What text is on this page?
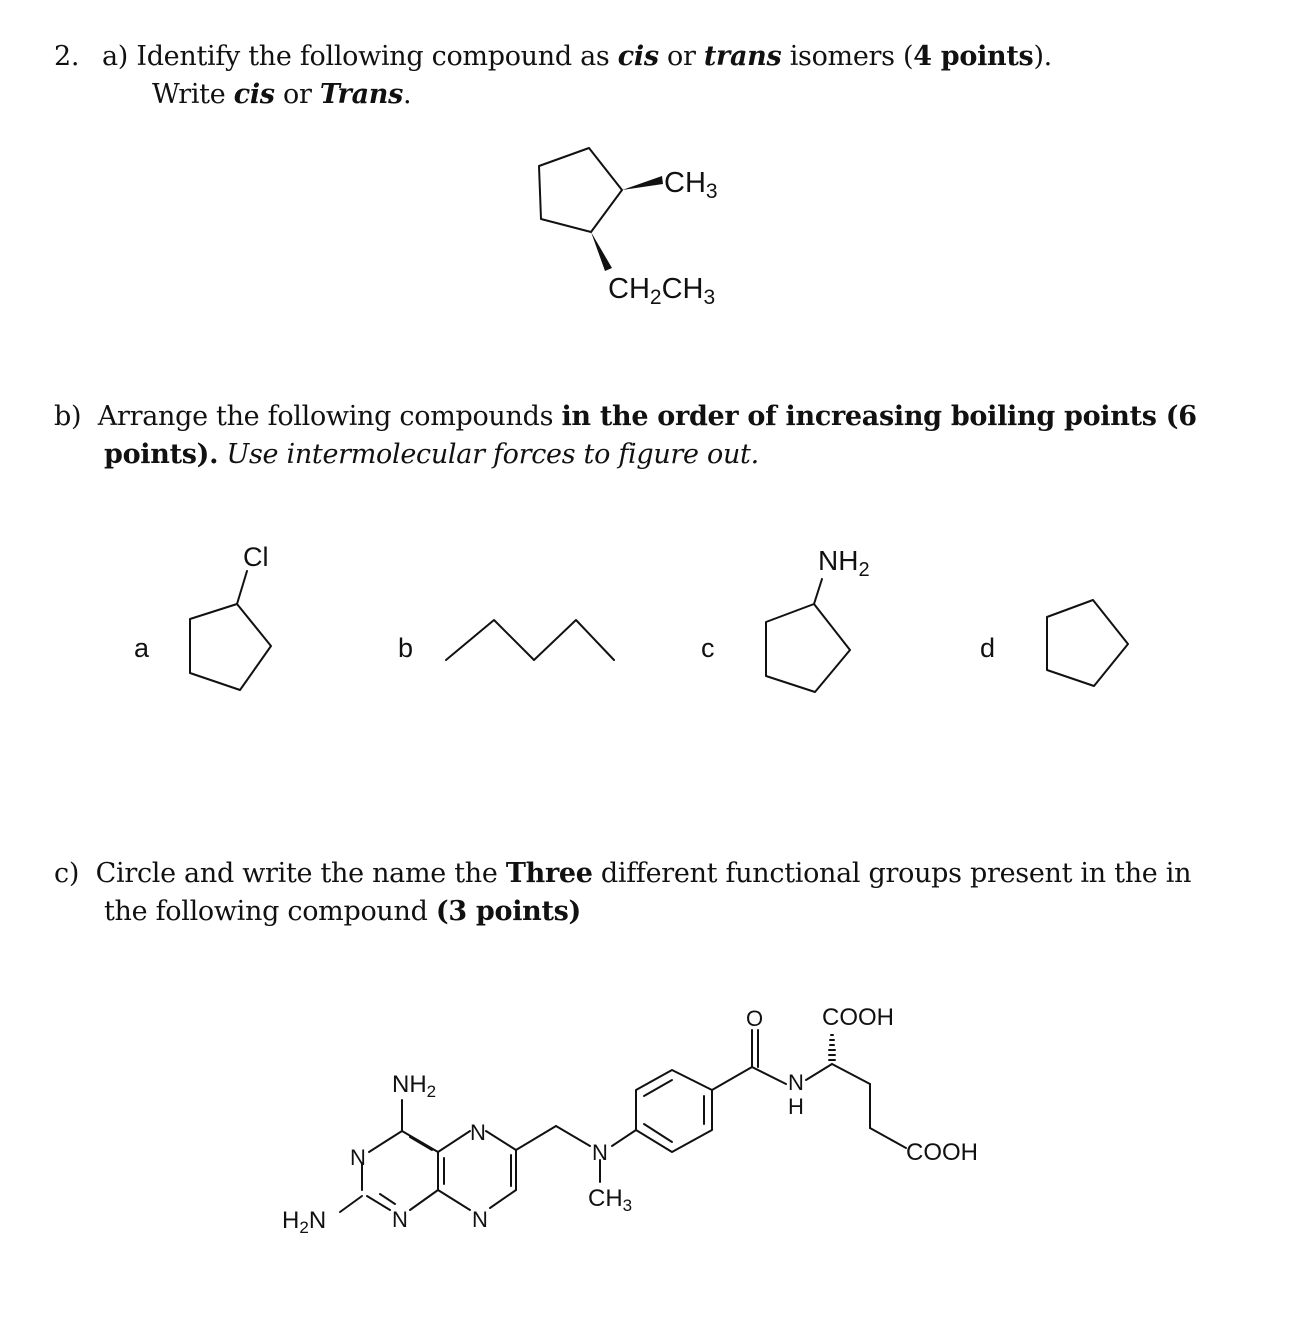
2. a) Identify the following compound as cis or trans isomers (4 points).
Write cis or Trans.
b) Arrange the following compounds in the order of increasing boiling points (6
points). Use intermolecular forces to figure out.
c) Circle and write the name the Three different functional groups present in the in
the following compound (3 points)
$CH_3$
$CH_2CH_3$
a
Cl
b	c
$NH_2$
d
O COOH
COOH
N
H
N
$CH_3$
$NH_2$
$H_2N$
N
N
N
N
